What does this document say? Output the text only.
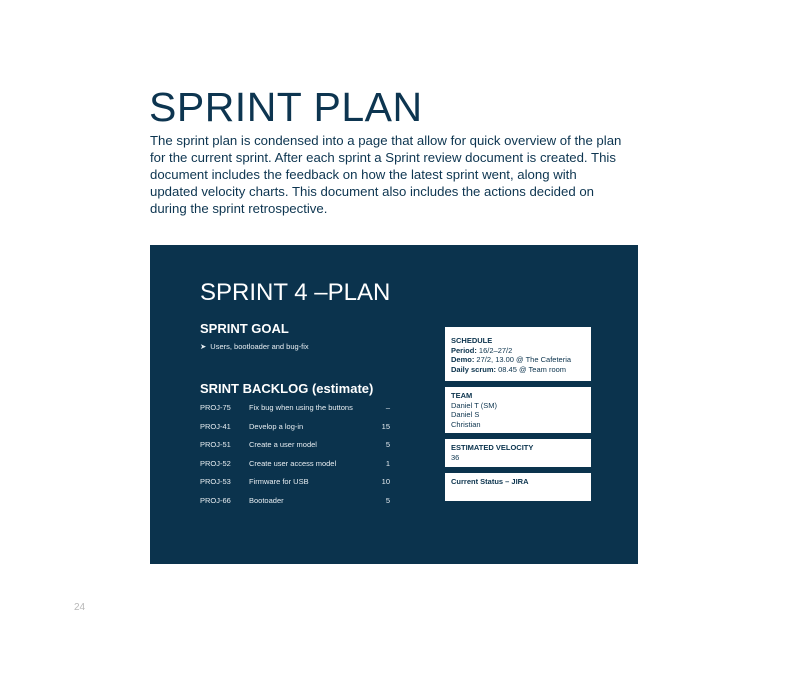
SPRINT PLAN

The sprint plan is condensed into a page that allow for quick overview of the plan
for the current sprint. After each sprint a Sprint review document is created. This
document includes the feedback on how the latest sprint went, along with
updated velocity charts. This document also includes the actions decided on
during the sprint retrospective.

SPRINT 4 –PLAN
SPRINT GOAL
➤ Users, bootloader and bug-fix
SRINT BACKLOG (estimate)
PROJ-75 Fix bug when using the buttons	–
PROJ-41 Develop a log-in	15
PROJ-51 Create a user model	5
PROJ-52 Create user access model	1
PROJ-53 Firmware for USB	10
PROJ-66 Bootoader	5
SCHEDULE
Period: 16/2–27/2
Demo: 27/2, 13.00 @ The Cafeteria
Daily scrum: 08.45 @ Team room
TEAM
Daniel T (SM)
Daniel S
Christian
ESTIMATED VELOCITY
36
Current Status – JIRA
24
